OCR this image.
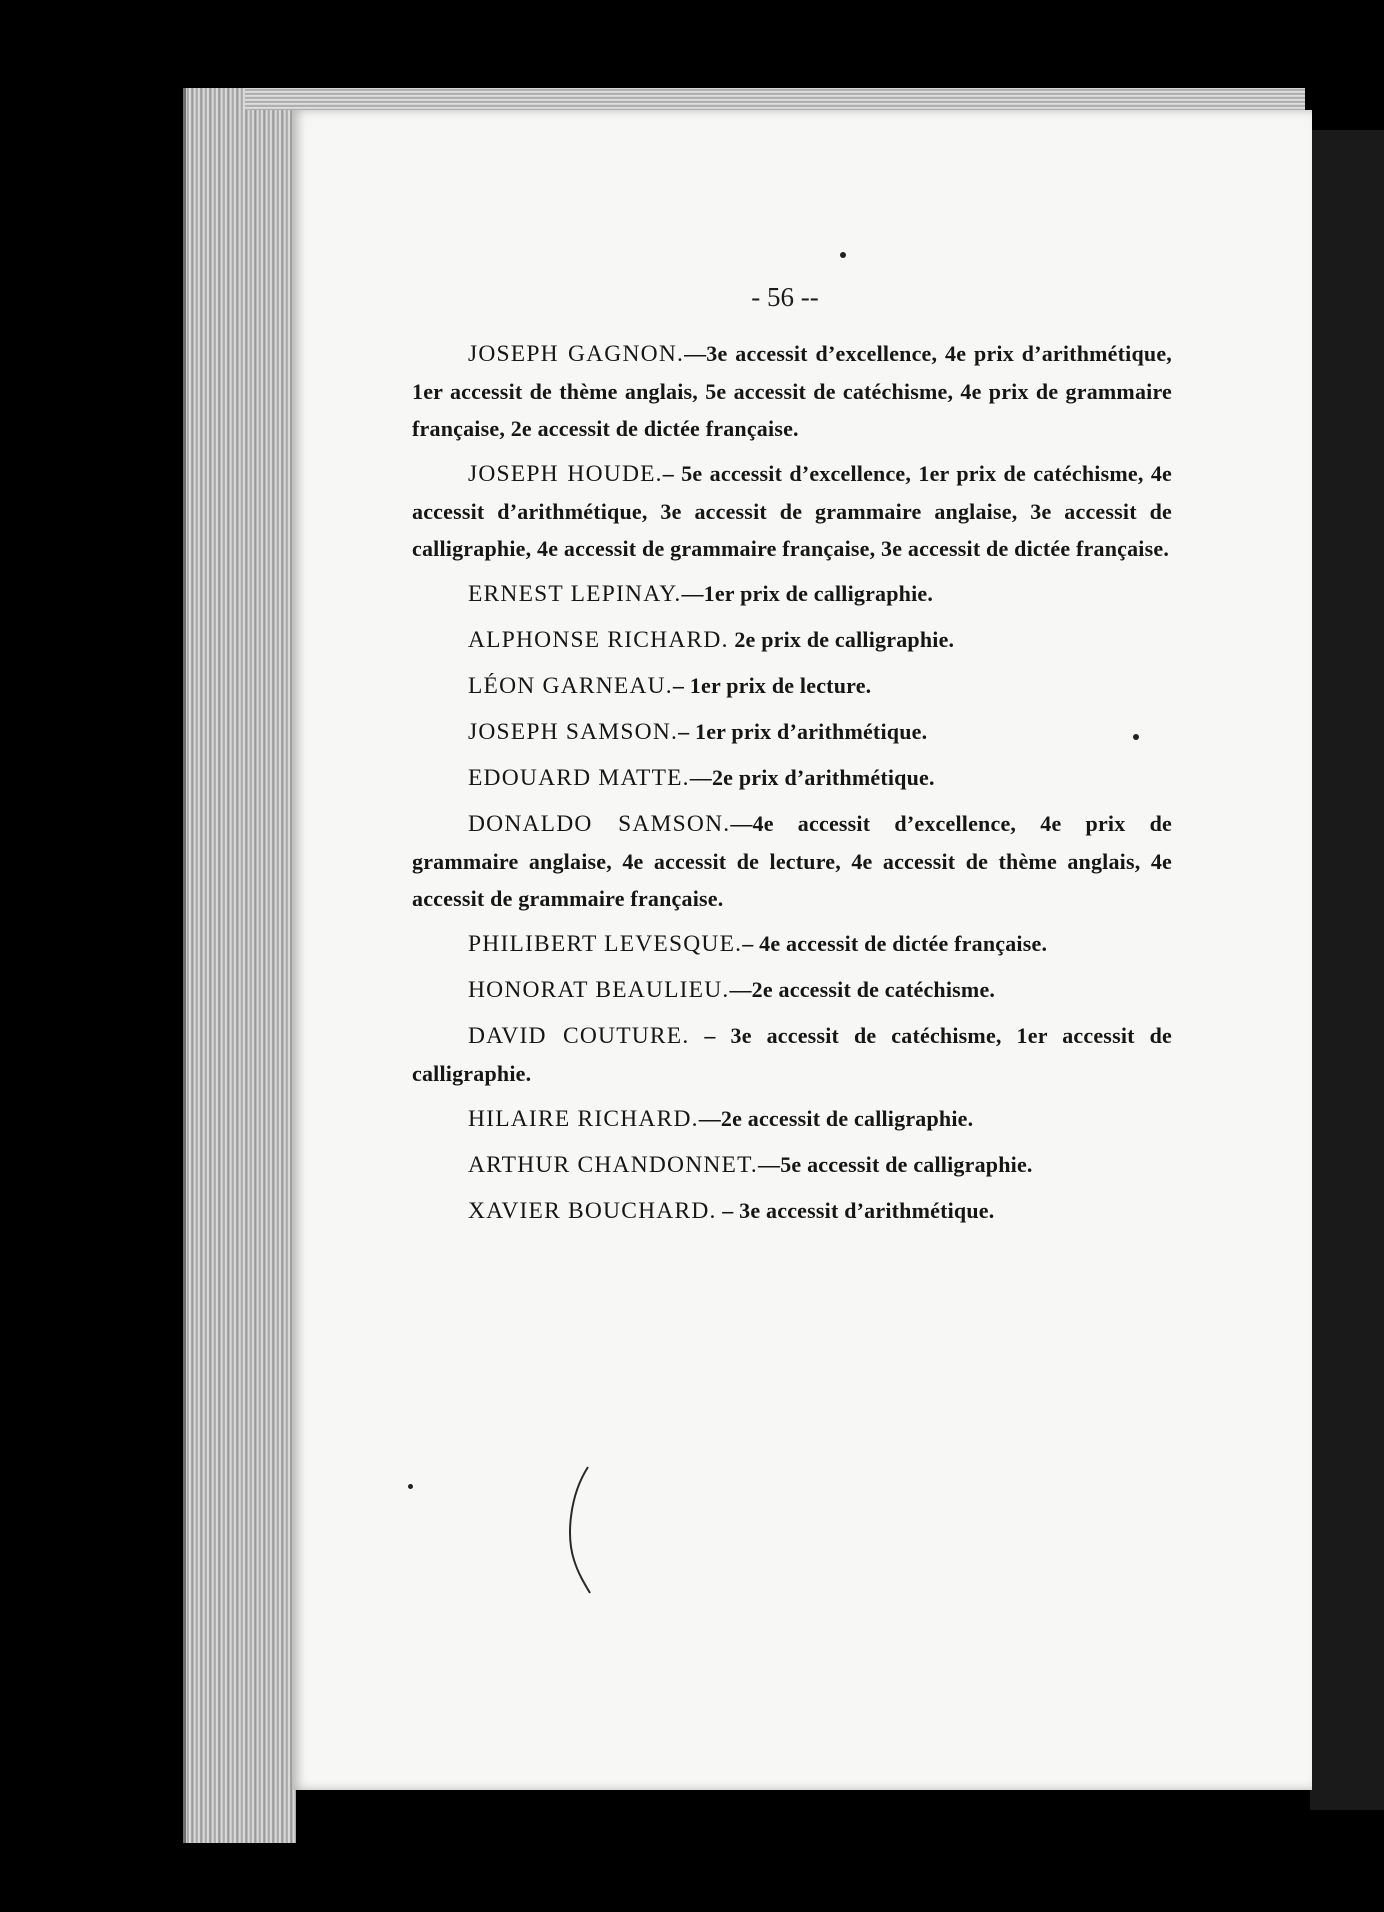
- 56 --

JOSEPH GAGNON.—3e accessit d’excellence, 4e prix d’arithmétique, 1er accessit de thème anglais, 5e accessit de catéchisme, 4e prix de grammaire française, 2e accessit de dictée française.

JOSEPH HOUDE.– 5e accessit d’excellence, 1er prix de catéchisme, 4e accessit d’arithmétique, 3e accessit de grammaire anglaise, 3e accessit de calligraphie, 4e accessit de grammaire française, 3e accessit de dictée française.

ERNEST LEPINAY.—1er prix de calligraphie.

ALPHONSE RICHARD. 2e prix de calligraphie.

LÉON GARNEAU.– 1er prix de lecture.

JOSEPH SAMSON.– 1er prix d’arithmétique.

EDOUARD MATTE.—2e prix d’arithmétique.

DONALDO SAMSON.—4e accessit d’excellence, 4e prix de grammaire anglaise, 4e accessit de lecture, 4e accessit de thème anglais, 4e accessit de grammaire française.

PHILIBERT LEVESQUE.– 4e accessit de dictée française.

HONORAT BEAULIEU.—2e accessit de catéchisme.

DAVID COUTURE. – 3e accessit de catéchisme, 1er accessit de calligraphie.

HILAIRE RICHARD.—2e accessit de calligraphie.

ARTHUR CHANDONNET.—5e accessit de calligraphie.

XAVIER BOUCHARD. – 3e accessit d’arithmétique.
